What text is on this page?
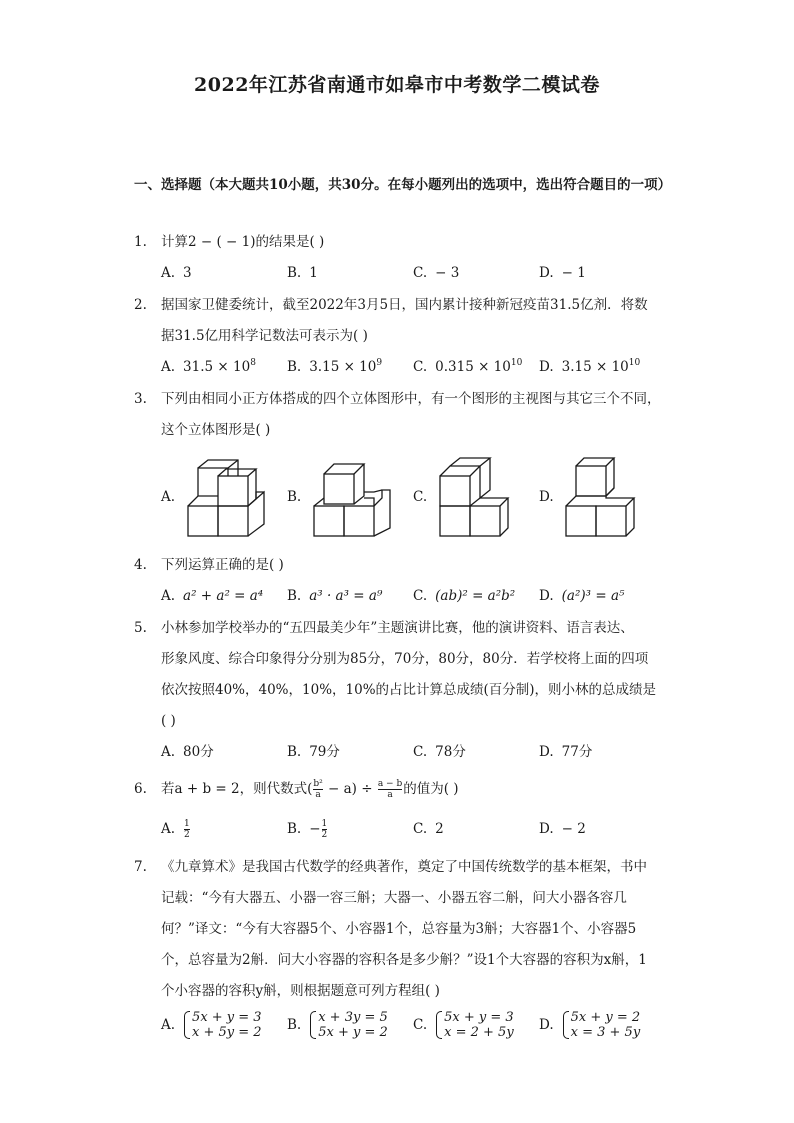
2022年江苏省南通市如皋市中考数学二模试卷
一、选择题（本大题共10小题，共30分。在每小题列出的选项中，选出符合题目的一项）
1.	计算2 − ( − 1)的结果是( )
A. 3	B. 1	C. − 3	D. − 1
2.	据国家卫健委统计，截至2022年3月5日，国内累计接种新冠疫苗31.5亿剂．将数
据31.5亿用科学记数法可表示为( )
A. $31.5 \times 10^8$ B. $3.15 \times 10^9$ C. $0.315 \times 10^{10}$ D. $3.15 \times 10^{10}$
3.	下列由相同小正方体搭成的四个立体图形中，有一个图形的主视图与其它三个不同，
这个立体图形是( )
A.	B.	C.	D.
4.	下列运算正确的是( )
A. a² + a² = a⁴ B. a³ · a³ = a⁹ C. (ab)² = a²b² D. (a²)³ = a⁵
5.	小林参加学校举办的“五四最美少年”主题演讲比赛，他的演讲资料、语言表达、
形象风度、综合印象得分分别为85分，70分，80分，80分．若学校将上面的四项
依次按照40%，40%，10%，10%的占比计算总成绩(百分制)，则小林的总成绩是
( )
A. 80分	B. 79分	C. 78分	D. 77分
6.	若a + b = 2，则代数式( $\frac{\text{b²}}{a} - a) \div \frac{a - b}{a}$ 的值为( )
A. $\frac{1}{2}$	B. − $\frac{1}{2}$	C. 2	D. − 2
7.	《九章算术》是我国古代数学的经典著作，奠定了中国传统数学的基本框架，书中
记载：“今有大器五、小器一容三斛；大器一、小器五容二斛，问大小器各容几
何？”译文：“今有大容器5个、小容器1个，总容量为3斛；大容器1个、小容器5
个，总容量为2斛．问大小容器的容积各是多少斛？”设1个大容器的容积为x斛，1
个小容器的容积y斛，则根据题意可列方程组( )
A. 5x + y = 3
x + 5y = 2 B. x + 3y = 5
5x + y = 2 C. 5x + y = 3
x = 2 + 5y D. 5x + y = 2
x = 3 + 5y
